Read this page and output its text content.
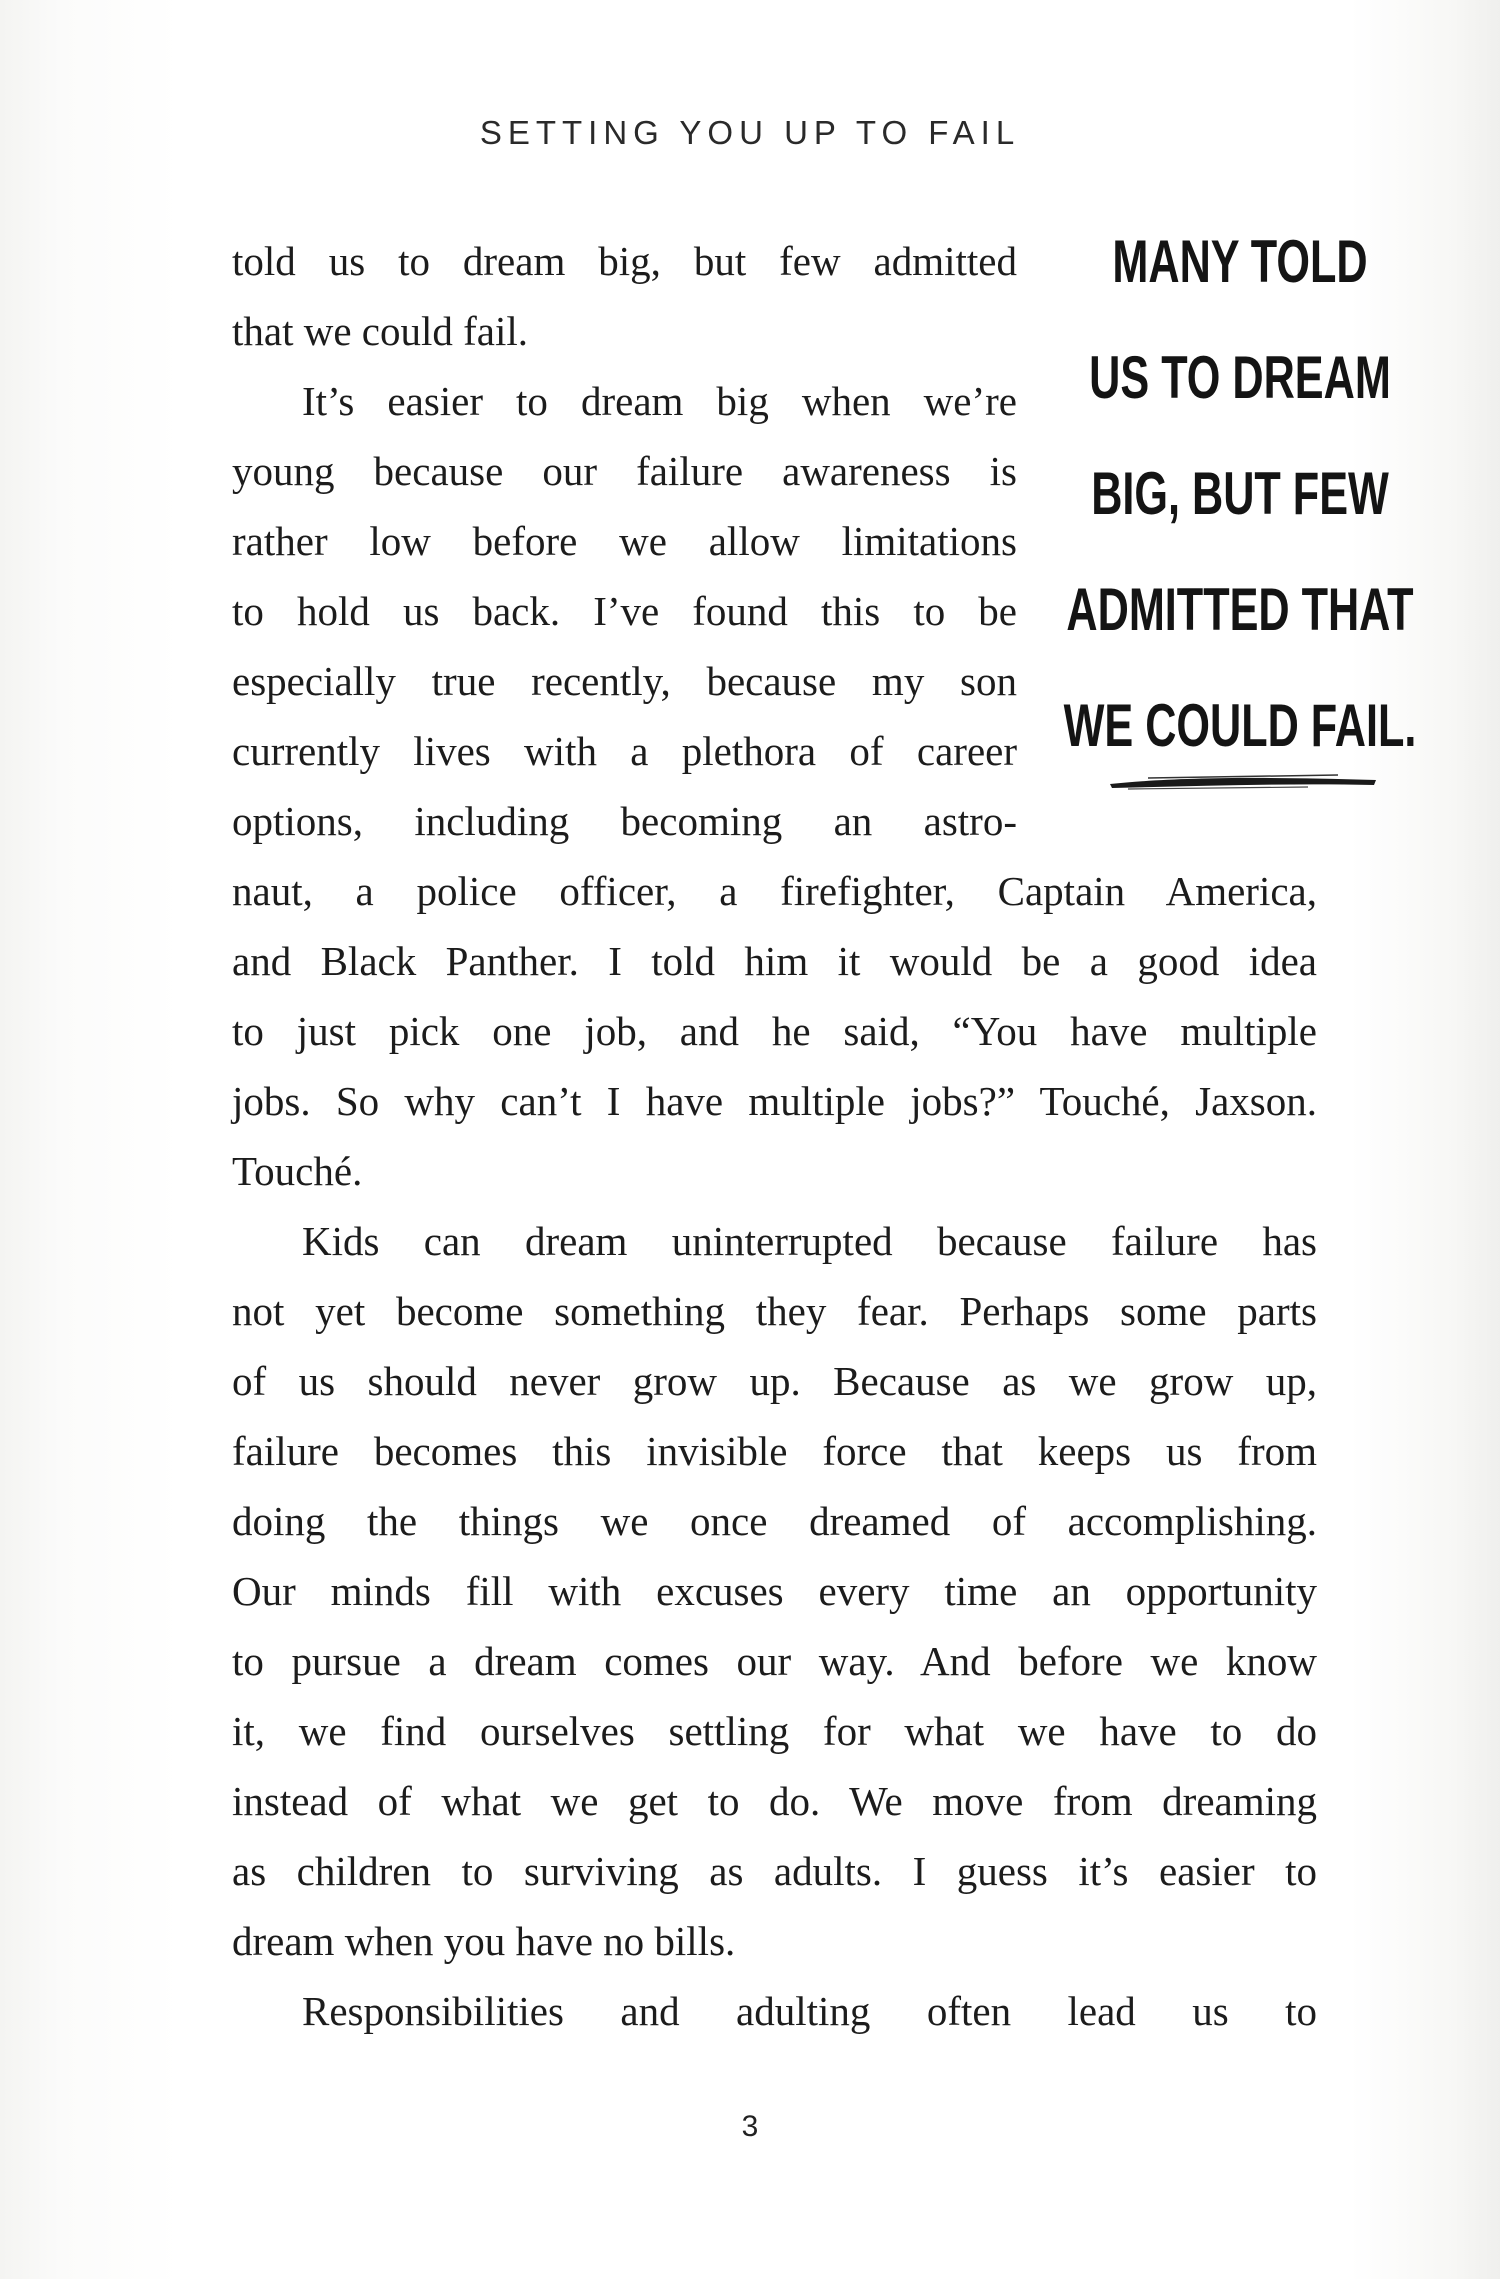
SETTING YOU UP TO FAIL
MANY TOLD
US TO DREAM
BIG, BUT FEW
ADMITTED THAT
WE COULD FAIL.
told us to dream big, but few admitted
that we could fail.
It’s easier to dream big when we’re
young because our failure awareness is
rather low before we allow limitations
to hold us back. I’ve found this to be
especially true recently, because my son
currently lives with a plethora of career
options, including becoming an astro-
naut, a police officer, a firefighter, Captain America,
and Black Panther. I told him it would be a good idea
to just pick one job, and he said, “You have multiple
jobs. So why can’t I have multiple jobs?” Touché, Jaxson.
Touché.
Kids can dream uninterrupted because failure has
not yet become something they fear. Perhaps some parts
of us should never grow up. Because as we grow up,
failure becomes this invisible force that keeps us from
doing the things we once dreamed of accomplishing.
Our minds fill with excuses every time an opportunity
to pursue a dream comes our way. And before we know
it, we find ourselves settling for what we have to do
instead of what we get to do. We move from dreaming
as children to surviving as adults. I guess it’s easier to
dream when you have no bills.
Responsibilities and adulting often lead us to
3
